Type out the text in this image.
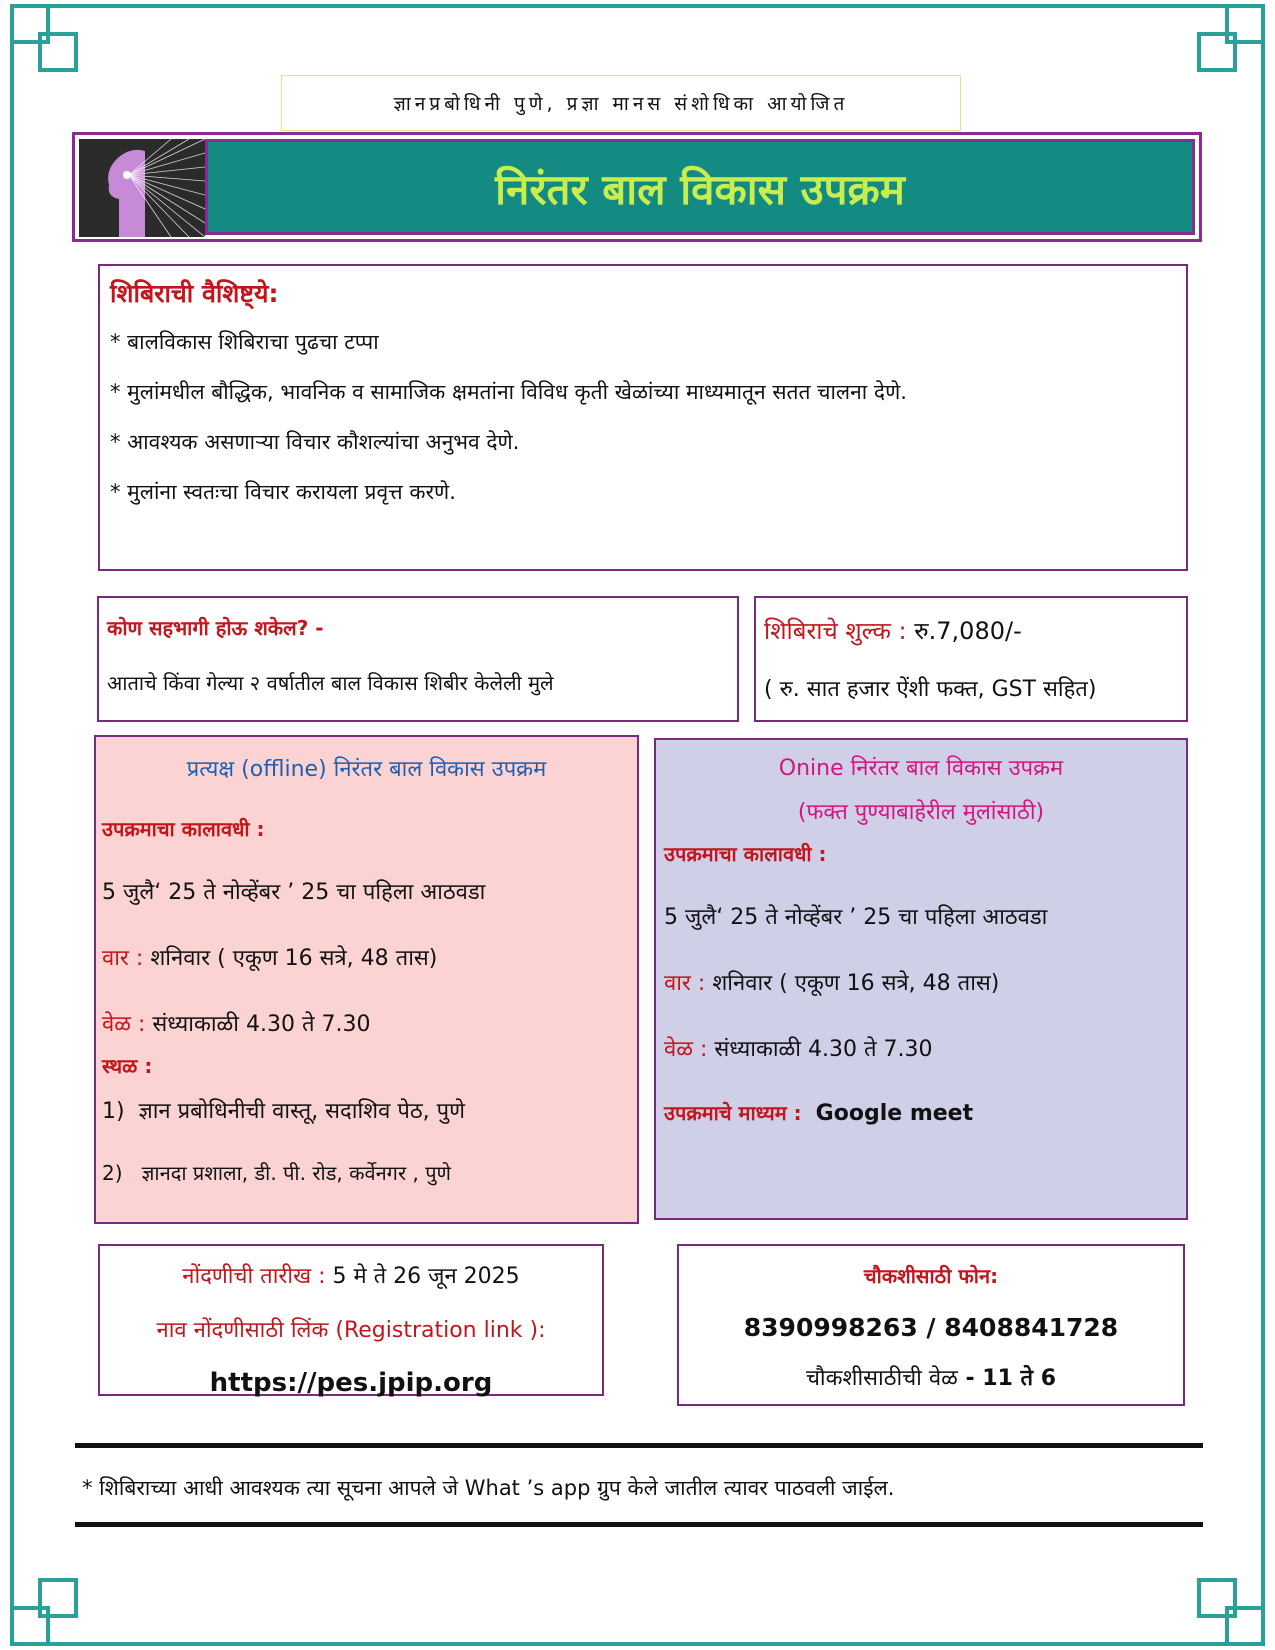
ज्ञानप्रबोधिनी पुणे, प्रज्ञा मानस संशोधिका आयोजित
निरंतर बाल विकास उपक्रम

शिबिराची वैशिष्ट्ये:

* बालविकास शिबिराचा पुढचा टप्पा

* मुलांमधील बौद्धिक, भावनिक व सामाजिक क्षमतांना विविध कृती खेळांच्या माध्यमातून सतत चालना देणे.

* आवश्यक असणाऱ्या विचार कौशल्यांचा अनुभव देणे.

* मुलांना स्वतःचा विचार करायला प्रवृत्त करणे.

कोण सहभागी होऊ शकेल? -

आताचे किंवा गेल्या २ वर्षातील बाल विकास शिबीर केलेली मुले

शिबिराचे शुल्क : रु.7,080/-

( रु. सात हजार ऐंशी फक्त, GST सहित)

प्रत्यक्ष (offline) निरंतर बाल विकास उपक्रम

उपक्रमाचा कालावधी :

5 जुलै‘ 25 ते नोव्हेंबर ’ 25 चा पहिला आठवडा

वार : शनिवार ( एकूण 16 सत्रे, 48 तास)

वेळ : संध्याकाळी 4.30 ते 7.30

स्थळ :

1) ज्ञान प्रबोधिनीची वास्तू, सदाशिव पेठ, पुणे

2) ज्ञानदा प्रशाला, डी. पी. रोड, कर्वेनगर , पुणे

Onine निरंतर बाल विकास उपक्रम

(फक्त पुण्याबाहेरील मुलांसाठी)

उपक्रमाचा कालावधी :

5 जुलै‘ 25 ते नोव्हेंबर ’ 25 चा पहिला आठवडा

वार : शनिवार ( एकूण 16 सत्रे, 48 तास)

वेळ : संध्याकाळी 4.30 ते 7.30

उपक्रमाचे माध्यम : Google meet

नोंदणीची तारीख : 5 मे ते 26 जून 2025

नाव नोंदणीसाठी लिंक (Registration link ):

https://pes.jpip.org

चौकशीसाठी फोन:

8390998263 / 8408841728

चौकशीसाठीची वेळ - 11 ते 6

* शिबिराच्या आधी आवश्यक त्या सूचना आपले जे What ’s app ग्रुप केले जातील त्यावर पाठवली जाईल.
